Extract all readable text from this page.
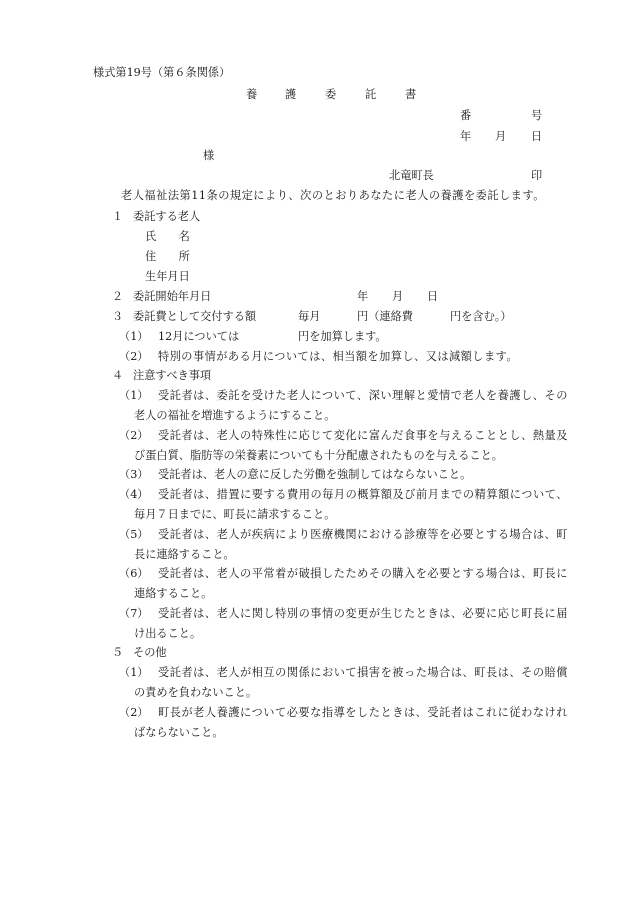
様式第19号（第６条関係）
養 護	委	託	書
番	号
年 月 日
様
北竜町長	印
老人福祉法第11条の規定により、次のとおりあなたに老人の養護を委託します。
１ 委託する老人
氏　　名
住　　所
生年月日
２ 委託開始年月日	年 月 日
３ 委託費として交付する額	毎月	円（連絡費	円を含む。）
（1） 12月については	円を加算します。
（2） 特別の事情がある月については、相当額を加算し、又は減額します。
４ 注意すべき事項
（1） 受託者は、委託を受けた老人について、深い理解と愛情で老人を養護し、その
老人の福祉を増進するようにすること。
（2） 受託者は、老人の特殊性に応じて変化に富んだ食事を与えることとし、熱量及
び蛋白質、脂肪等の栄養素についても十分配慮されたものを与えること。
（3） 受託者は、老人の意に反した労働を強制してはならないこと。
（4） 受託者は、措置に要する費用の毎月の概算額及び前月までの精算額について、
毎月７日までに、町長に請求すること。
（5） 受託者は、老人が疾病により医療機関における診療等を必要とする場合は、町
長に連絡すること。
（6） 受託者は、老人の平常着が破損したためその購入を必要とする場合は、町長に
連絡すること。
（7） 受託者は、老人に関し特別の事情の変更が生じたときは、必要に応じ町長に届
け出ること。
５ その他
（1） 受託者は、老人が相互の関係において損害を被った場合は、町長は、その賠償
の責めを負わないこと。
（2） 町長が老人養護について必要な指導をしたときは、受託者はこれに従わなけれ
ばならないこと。
